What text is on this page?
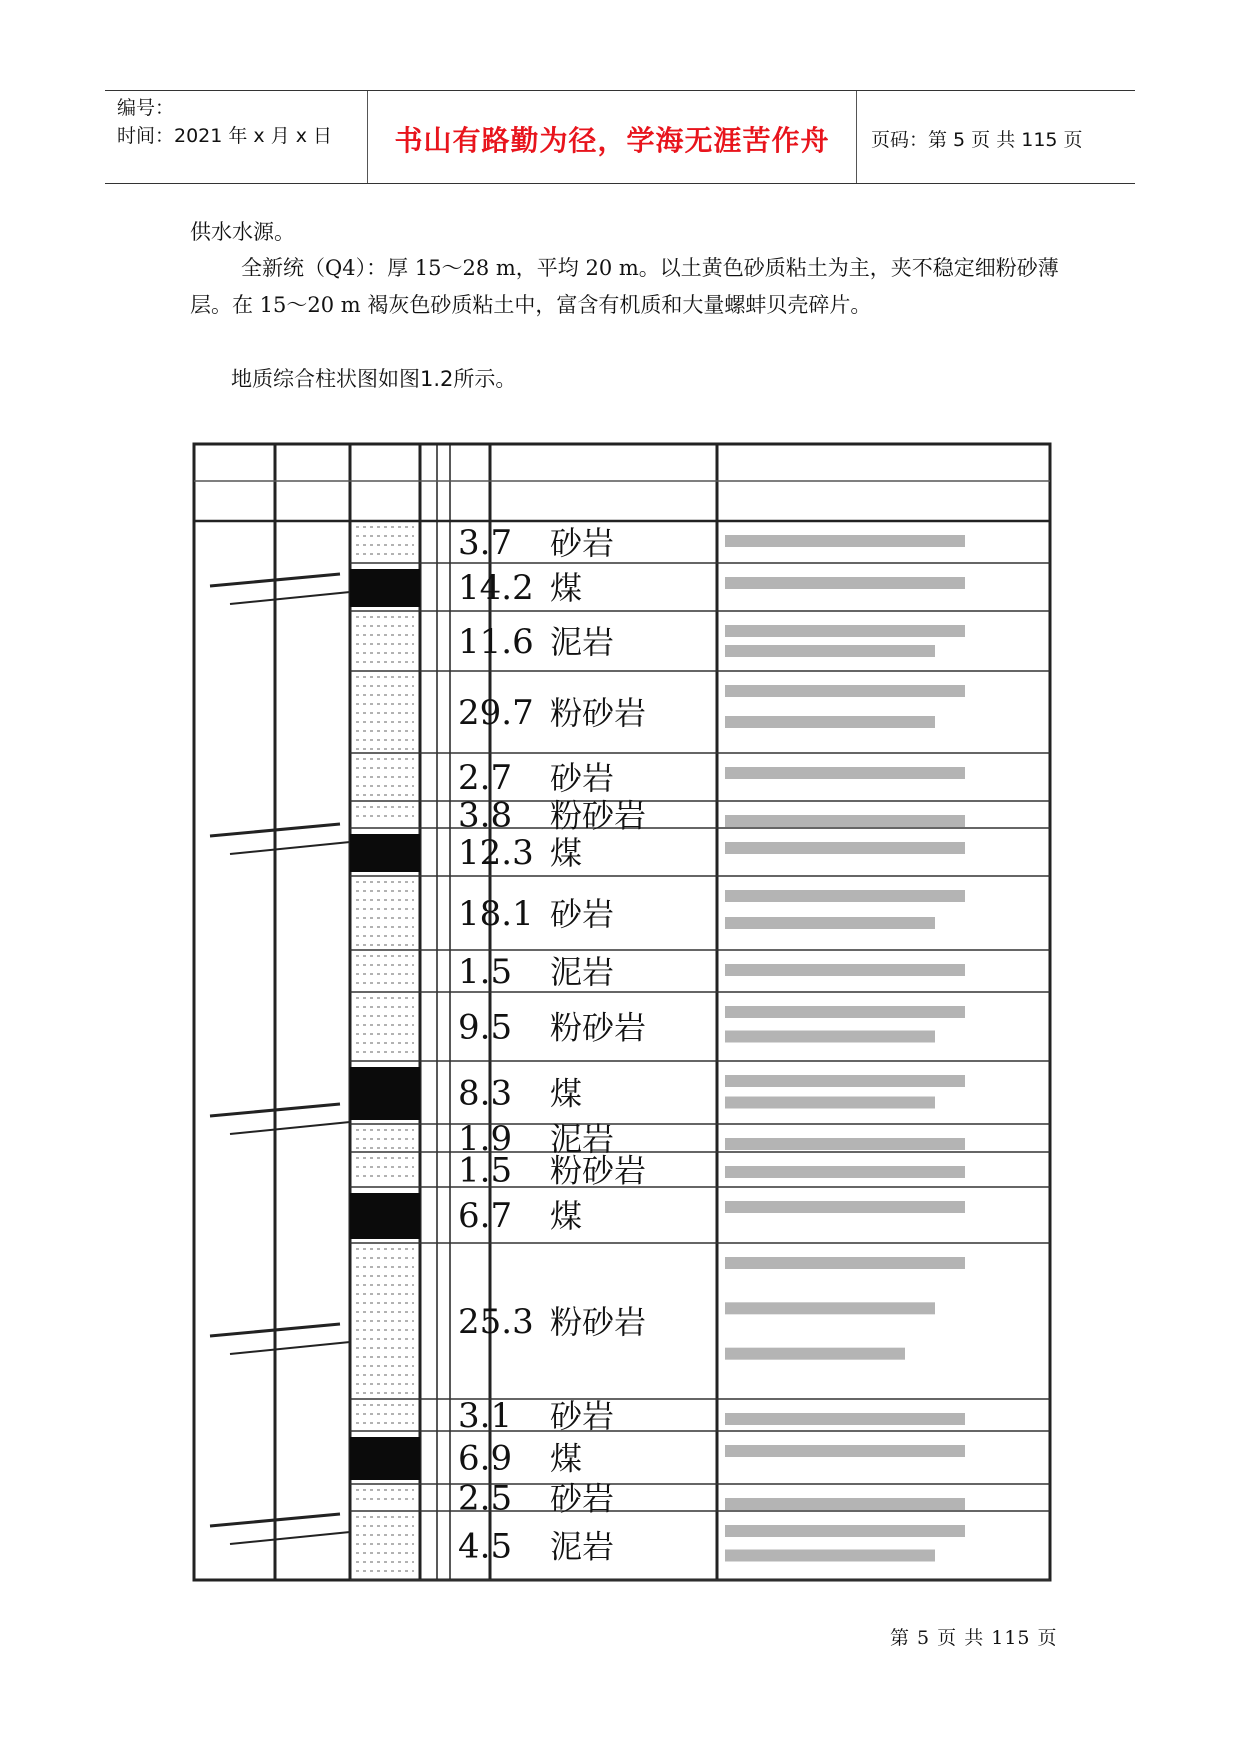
编号：
时间：2021 年 x 月 x 日	书山有路勤为径，学海无涯苦作舟	页码：第 5 页 共 115 页
供水水源。
全新统（Q4）：厚 15～28 m，平均 20 m。以土黄色砂质粘土为主，夹不稳定细粉砂薄层。在 15～20 m 褐灰色砂质粘土中，富含有机质和大量螺蚌贝壳碎片。
地质综合柱状图如图1.2所示。
3.7 砂岩
14.2 煤
11.6 泥岩
29.7 粉砂岩
2.7 砂岩
3.8 粉砂岩
12.3 煤
18.1 砂岩
1.5 泥岩
9.5 粉砂岩
8.3 煤
1.9 泥岩
1.5 粉砂岩
6.7 煤
25.3 粉砂岩
3.1 砂岩
6.9 煤
2.5 砂岩
4.5 泥岩
第 5 页 共 115 页
